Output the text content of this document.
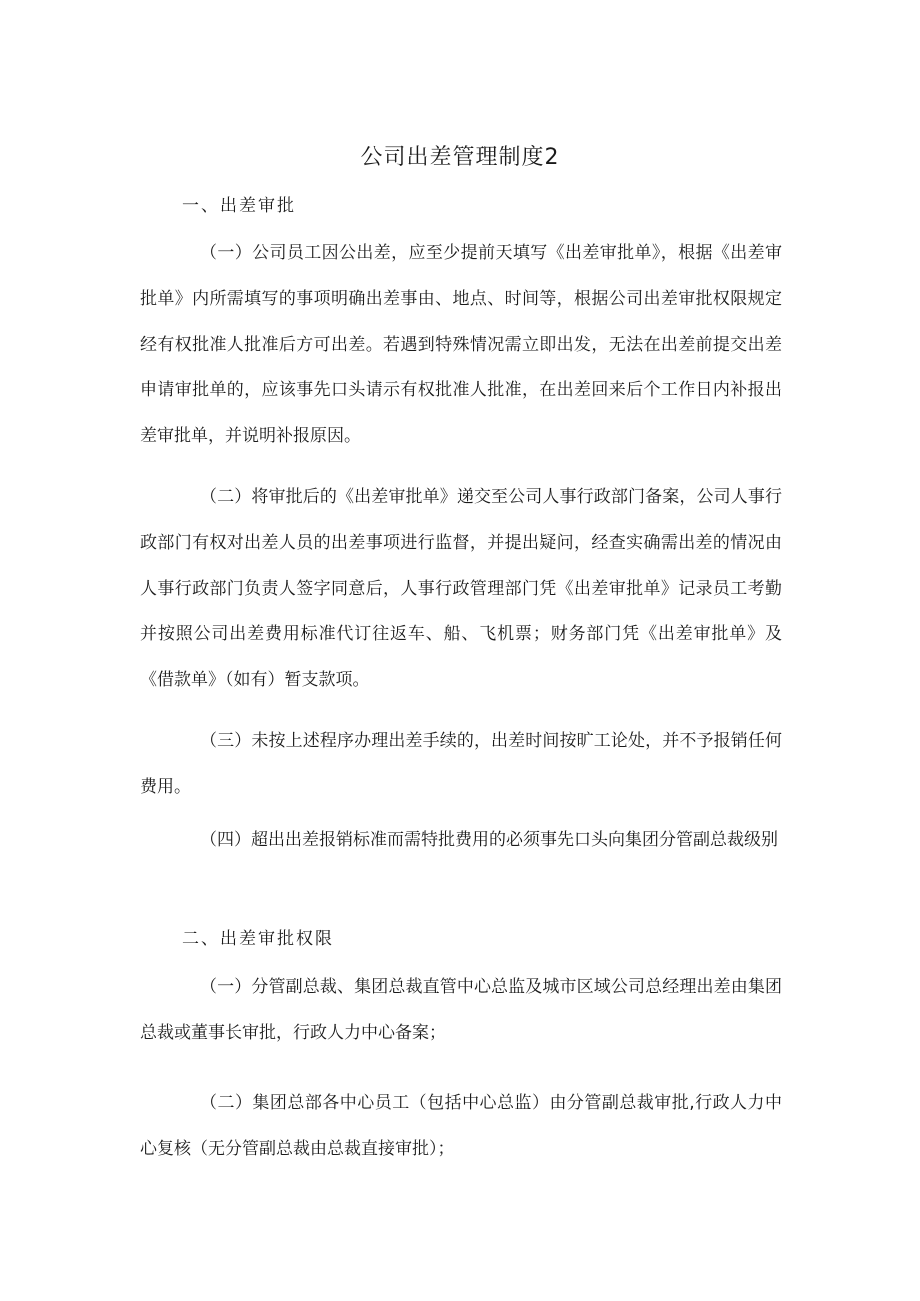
公司出差管理制度2
一、出差审批

（一）公司员工因公出差，应至少提前天填写《出差审批单》，根据《出差审批单》内所需填写的事项明确出差事由、地点、时间等，根据公司出差审批权限规定经有权批准人批准后方可出差。若遇到特殊情况需立即出发，无法在出差前提交出差申请审批单的，应该事先口头请示有权批准人批准，在出差回来后个工作日内补报出差审批单，并说明补报原因。

（二）将审批后的《出差审批单》递交至公司人事行政部门备案，公司人事行政部门有权对出差人员的出差事项进行监督，并提出疑问，经查实确需出差的情况由人事行政部门负责人签字同意后，人事行政管理部门凭《出差审批单》记录员工考勤并按照公司出差费用标准代订往返车、船、飞机票；财务部门凭《出差审批单》及《借款单》（如有）暂支款项。

（三）未按上述程序办理出差手续的，出差时间按旷工论处，并不予报销任何费用。

（四）超出出差报销标准而需特批费用的必须事先口头向集团分管副总裁级别

二、出差审批权限

（一）分管副总裁、集团总裁直管中心总监及城市区域公司总经理出差由集团总裁或董事长审批，行政人力中心备案；

（二）集团总部各中心员工（包括中心总监）由分管副总裁审批,行政人力中心复核（无分管副总裁由总裁直接审批）；
